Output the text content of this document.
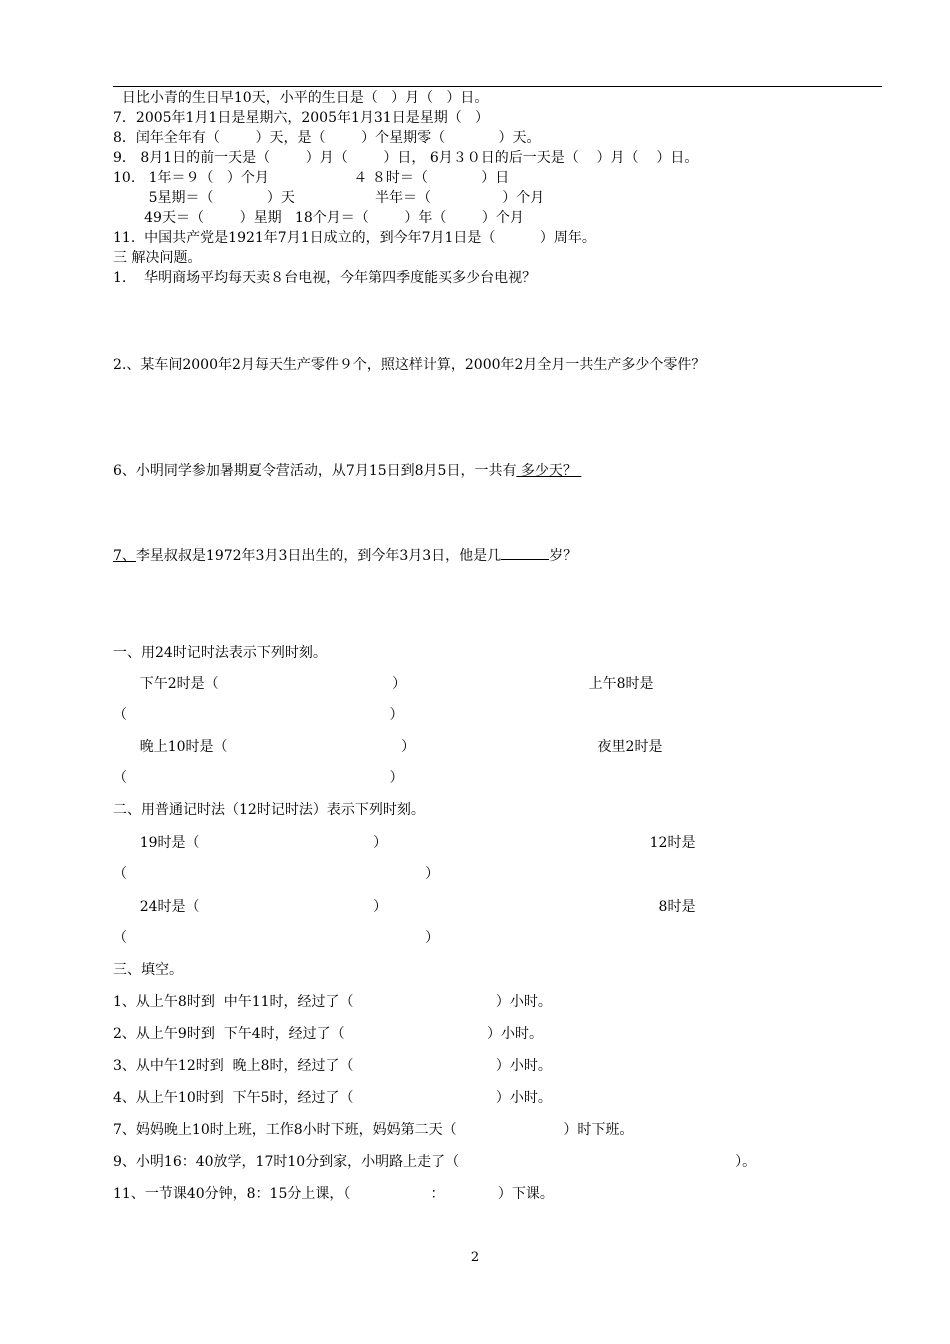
日比小青的生日早10天，小平的生日是（   ）月（   ）日。
7．2005年1月1日是星期六，2005年1月31日是星期（   ）
8．闰年全年有（        ）天，是（        ）个星期零（            ）天。
9． 8月1日的前一天是（        ）月（        ）日， 6月３０日的后一天是（    ）月（    ）日。
10.   1年＝９（   ）个月                   ４ ８时＝（            ）日
5星期＝（            ）天                  半年＝（                ）个月
49天＝（        ）星期   18个月＝（        ）年（        ）个月
11.  中国共产党是1921年7月1日成立的，到今年7月1日是（          ）周年。
三 解决问题。
1.    华明商场平均每天卖８台电视，今年第四季度能买多少台电视？
2.、某车间2000年2月每天生产零件９个，照这样计算，2000年2月全月一共生产多少个零件？
6、小明同学参加暑期夏令营活动，从7月15日到8月5日，一共有 多少天？
7、李星叔叔是1972年3月3日出生的，到今年3月3日，他是几	岁？
一、用24时记时法表示下列时刻。
下午2时是（                                       ）                                         上午8时是
（                                                           ）
晚上10时是（                                       ）                                         夜里2时是
（                                                           ）
二、用普通记时法（12时记时法）表示下列时刻。
19时是（                                       ）                                                           12时是
（                                                                   ）
24时是（                                       ）                                                             8时是
（                                                                   ）
三、填空。
1、从上午8时到  中午11时，经过了（                                ）小时。
2、从上午9时到  下午4时，经过了（                                ）小时。
3、从中午12时到  晚上8时，经过了（                                ）小时。
4、从上午10时到  下午5时，经过了（                                ）小时。
7、妈妈晚上10时上班，工作8小时下班，妈妈第二天（                        ）时下班。
9、小明16：40放学，17时10分到家，小明路上走了（                                                              ）。
11、一节课40分钟，8：15分上课，（                  ：            ）下课。
2
